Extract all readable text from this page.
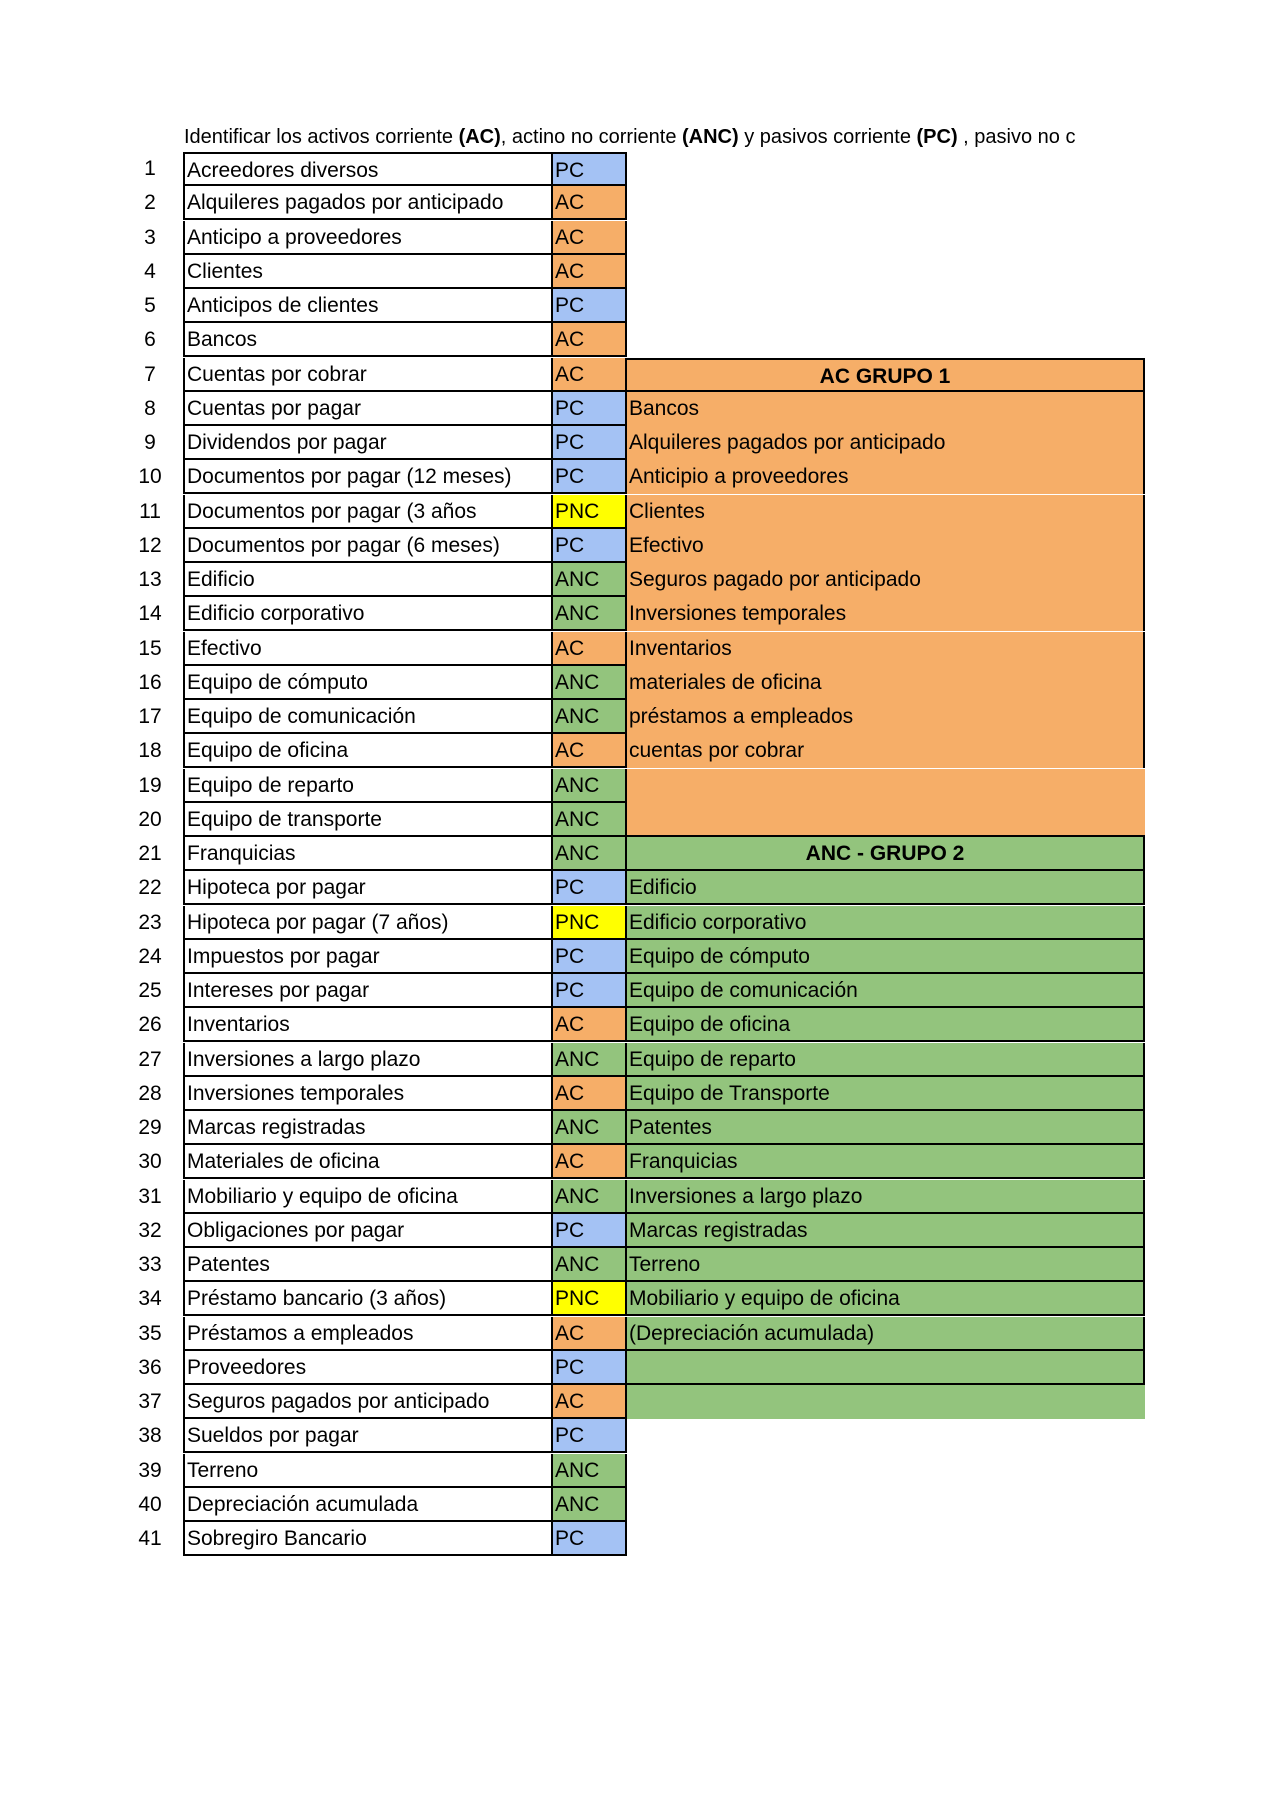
Identificar los activos corriente (AC), actino no corriente (ANC) y pasivos corriente (PC) , pasivo no c
1	Acreedores diversos	PC
2	Alquileres pagados por anticipado	AC
3	Anticipo a proveedores	AC
4	Clientes	AC
5	Anticipos de clientes	PC
6	Bancos	AC
7	Cuentas por cobrar	AC
8	Cuentas por pagar	PC
9	Dividendos por pagar	PC
10	Documentos por pagar (12 meses)	PC
11	Documentos por pagar (3 años	PNC
12	Documentos por pagar (6 meses)	PC
13	Edificio	ANC
14	Edificio corporativo	ANC
15	Efectivo	AC
16	Equipo de cómputo	ANC
17	Equipo de comunicación	ANC
18	Equipo de oficina	AC
19	Equipo de reparto	ANC
20	Equipo de transporte	ANC
21	Franquicias	ANC
22	Hipoteca por pagar	PC
23	Hipoteca por pagar (7 años)	PNC
24	Impuestos por pagar	PC
25	Intereses por pagar	PC
26	Inventarios	AC
27	Inversiones a largo plazo	ANC
28	Inversiones temporales	AC
29	Marcas registradas	ANC
30	Materiales de oficina	AC
31	Mobiliario y equipo de oficina	ANC
32	Obligaciones por pagar	PC
33	Patentes	ANC
34	Préstamo bancario (3 años)	PNC
35	Préstamos a empleados	AC
36	Proveedores	PC
37	Seguros pagados por anticipado	AC
38	Sueldos por pagar	PC
39	Terreno	ANC
40	Depreciación acumulada	ANC
41	Sobregiro Bancario	PC
AC GRUPO 1
Bancos
Alquileres pagados por anticipado
Anticipio a proveedores
Clientes
Efectivo
Seguros pagado por anticipado
Inversiones temporales
Inventarios
materiales de oficina
préstamos a empleados
cuentas por cobrar
ANC - GRUPO 2
Edificio
Edificio corporativo
Equipo de cómputo
Equipo de comunicación
Equipo de oficina
Equipo de reparto
Equipo de Transporte
Patentes
Franquicias
Inversiones a largo plazo
Marcas registradas
Terreno
Mobiliario y equipo de oficina
(Depreciación acumulada)
